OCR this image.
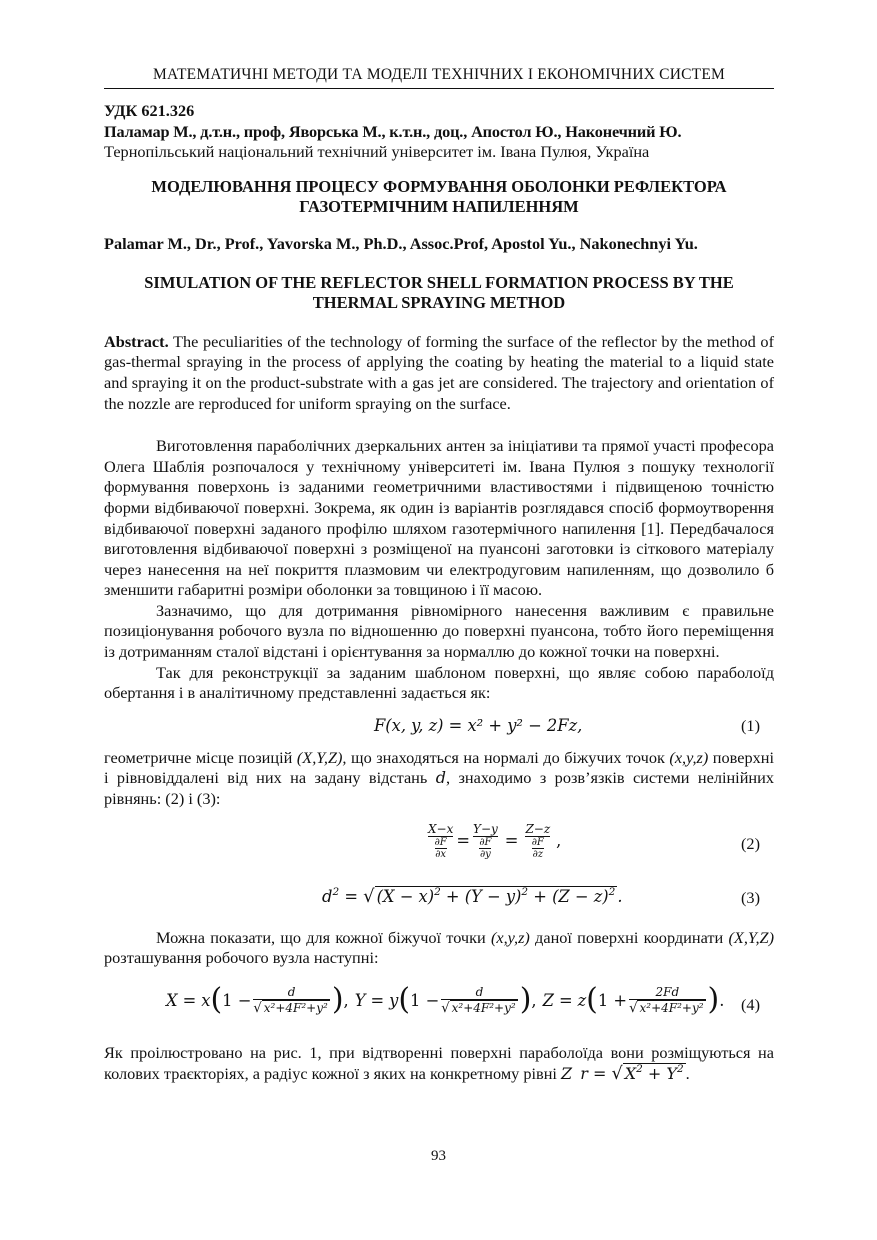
МАТЕМАТИЧНІ МЕТОДИ ТА МОДЕЛІ ТЕХНІЧНИХ І ЕКОНОМІЧНИХ СИСТЕМ

УДК 621.326

Паламар М., д.т.н., проф, Яворська М., к.т.н., доц., Апостол Ю., Наконечний Ю.

Тернопільський національний технічний університет ім. Івана Пулюя, Україна

МОДЕЛЮВАННЯ ПРОЦЕСУ ФОРМУВАННЯ ОБОЛОНКИ РЕФЛЕКТОРА
ГАЗОТЕРМІЧНИМ НАПИЛЕННЯМ

Palamar M., Dr., Prof., Yavorska M., Ph.D., Assoc.Prof, Apostol Yu., Nakonechnyi Yu.

SIMULATION OF THE REFLECTOR SHELL FORMATION PROCESS BY THE
THERMAL SPRAYING METHOD

Abstract. The peculiarities of the technology of forming the surface of the reflector by the method of gas-thermal spraying in the process of applying the coating by heating the material to a liquid state and spraying it on the product-substrate with a gas jet are considered. The trajectory and orientation of the nozzle are reproduced for uniform spraying on the surface.

Виготовлення параболічних дзеркальних антен за ініціативи та прямої участі професора Олега Шаблія розпочалося у технічному університеті ім. Івана Пулюя з пошуку технології формування поверхонь із заданими геометричними властивостями і підвищеною точністю форми відбиваючої поверхні. Зокрема, як один із варіантів розглядався спосіб формоутворення відбиваючої поверхні заданого профілю шляхом газотермічного напилення [1]. Передбачалося виготовлення відбиваючої поверхні з розміщеної на пуансоні заготовки із сіткового матеріалу через нанесення на неї покриття плазмовим чи електродуговим напиленням, що дозволило б зменшити габаритні розміри оболонки за товщиною і її масою.

Зазначимо, що для дотримання рівномірного нанесення важливим є правильне позиціонування робочого вузла по відношенню до поверхні пуансона, тобто його переміщення із дотриманням сталої відстані і орієнтування за нормаллю до кожної точки на поверхні.

Так для реконструкції за заданим шаблоном поверхні, що являє собою параболоїд обертання і в аналітичному представленні задається як:

F(x, y, z) = x² + y² − 2Fz,	(1)

геометричне місце позицій (X,Y,Z), що знаходяться на нормалі до біжучих точок (x,y,z) поверхні і рівновіддалені від них на задану відстань d, знаходимо з розв’язків системи нелінійних рівнянь: (2) і (3):

$\frac{X-x}{\frac{\partial F}{\partial x}} = \frac{Y-y}{\frac{\partial F}{\partial y}} = \frac{Z-z}{\frac{\partial F}{\partial z}}$ ,	(2)
$d^2$ = √ $(X - x)^2 + (Y - y)^2 + (Z - z)^2$ .	(3)

Можна показати, що для кожної біжучої точки (x,y,z) даної поверхні координати (X,Y,Z) розташування робочого вузла наступні:

X = x ( $1 - \frac{d}{\text{√ x²+4F²+y²}}$ ) , Y = y ( $1 - \frac{d}{\text{√ x²+4F²+y²}}$ ) , Z = z ( $1 + \frac{2Fd}{\text{√ x²+4F²+y²}}$ ) . (4)

Як проілюстровано на рис. 1, при відтворенні поверхні параболоїда вони розміщуються на колових траєкторіях, а радіус кожної з яких на конкретному рівні Z r = √ $X^2 + Y^2$ .

93
